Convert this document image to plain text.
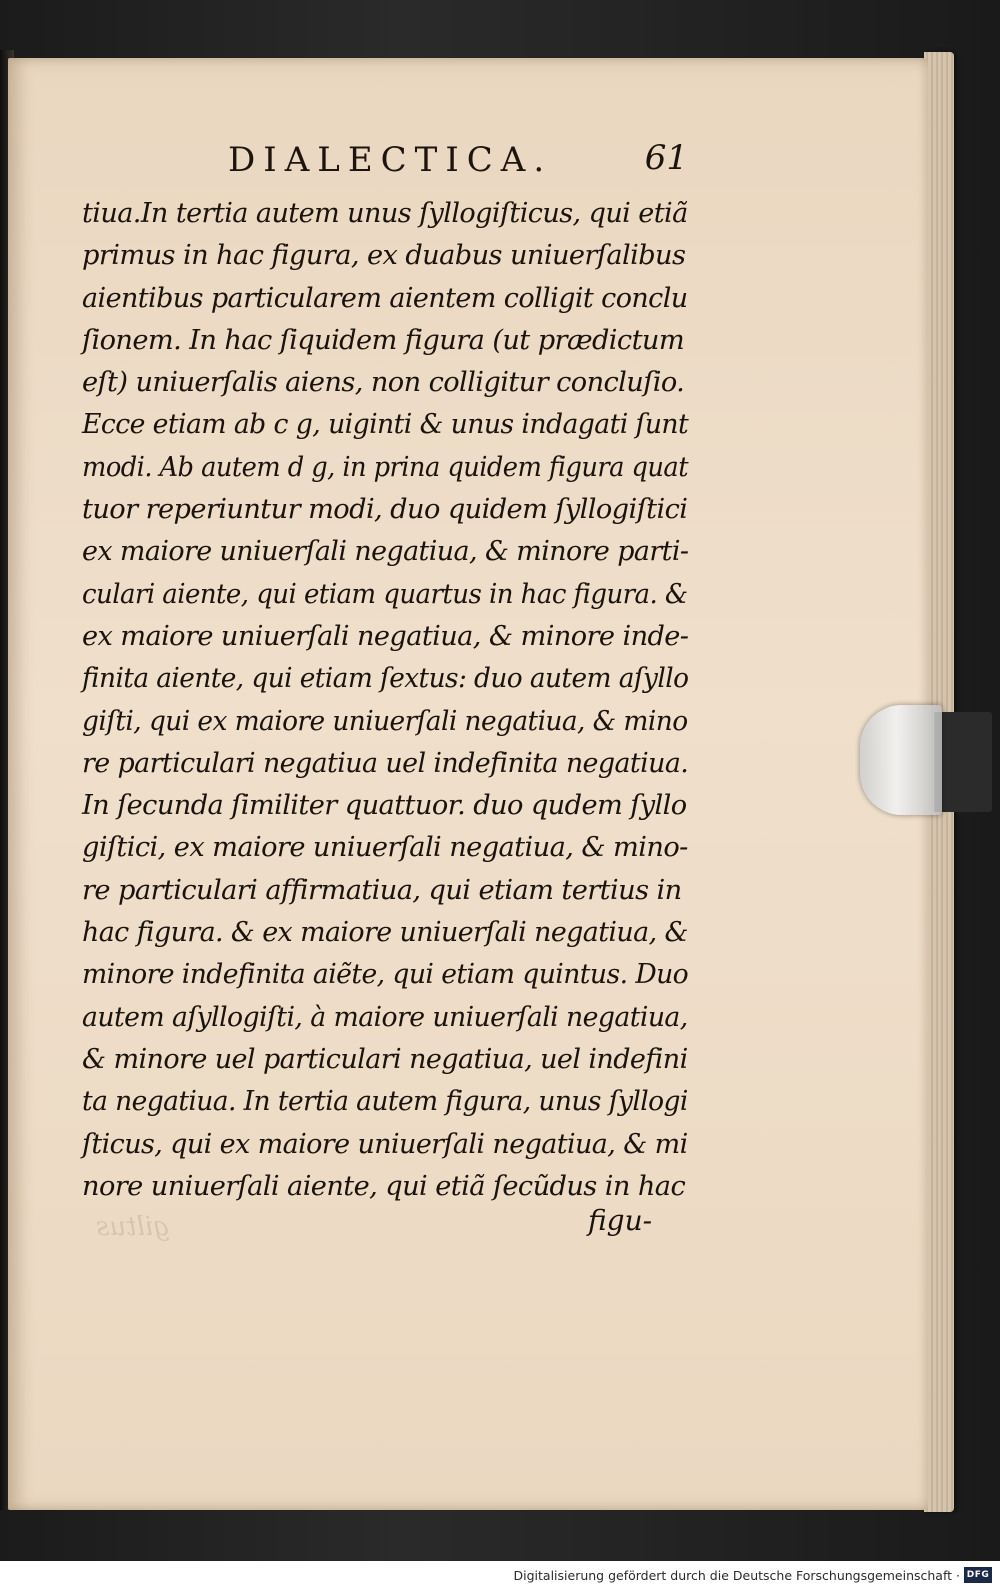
DIALECTICA.	61
tiua.In tertia autem unus ſyllogiſticus, qui etiã
primus in hac figura, ex duabus uniuerſalibus
aientibus particularem aientem colligit conclu
ſionem. In hac ſiquidem figura (ut prædictum
eſt) uniuerſalis aiens, non colligitur concluſio.
Ecce etiam ab c g, uiginti & unus indagati ſunt
modi. Ab autem d g, in prina quidem figura quat
tuor reperiuntur modi, duo quidem ſyllogiſtici
ex maiore uniuerſali negatiua, & minore parti-
culari aiente, qui etiam quartus in hac figura. &
ex maiore uniuerſali negatiua, & minore inde-
finita aiente, qui etiam ſextus: duo autem aſyllo
giſti, qui ex maiore uniuerſali negatiua, & mino
re particulari negatiua uel indefinita negatiua.
In ſecunda ſimiliter quattuor. duo qudem ſyllo
giſtici, ex maiore uniuerſali negatiua, & mino-
re particulari affirmatiua, qui etiam tertius in
hac figura. & ex maiore uniuerſali negatiua, &
minore indefinita aiẽte, qui etiam quintus. Duo
autem aſyllogiſti, à maiore uniuerſali negatiua,
& minore uel particulari negatiua, uel indefini
ta negatiua. In tertia autem figura, unus ſyllogi
ſticus, qui ex maiore uniuerſali negatiua, & mi
nore uniuerſali aiente, qui etiã ſecũdus in hac
giltus	figu-
Digitalisierung gefördert durch die Deutsche Forschungsgemeinschaft · DFG
